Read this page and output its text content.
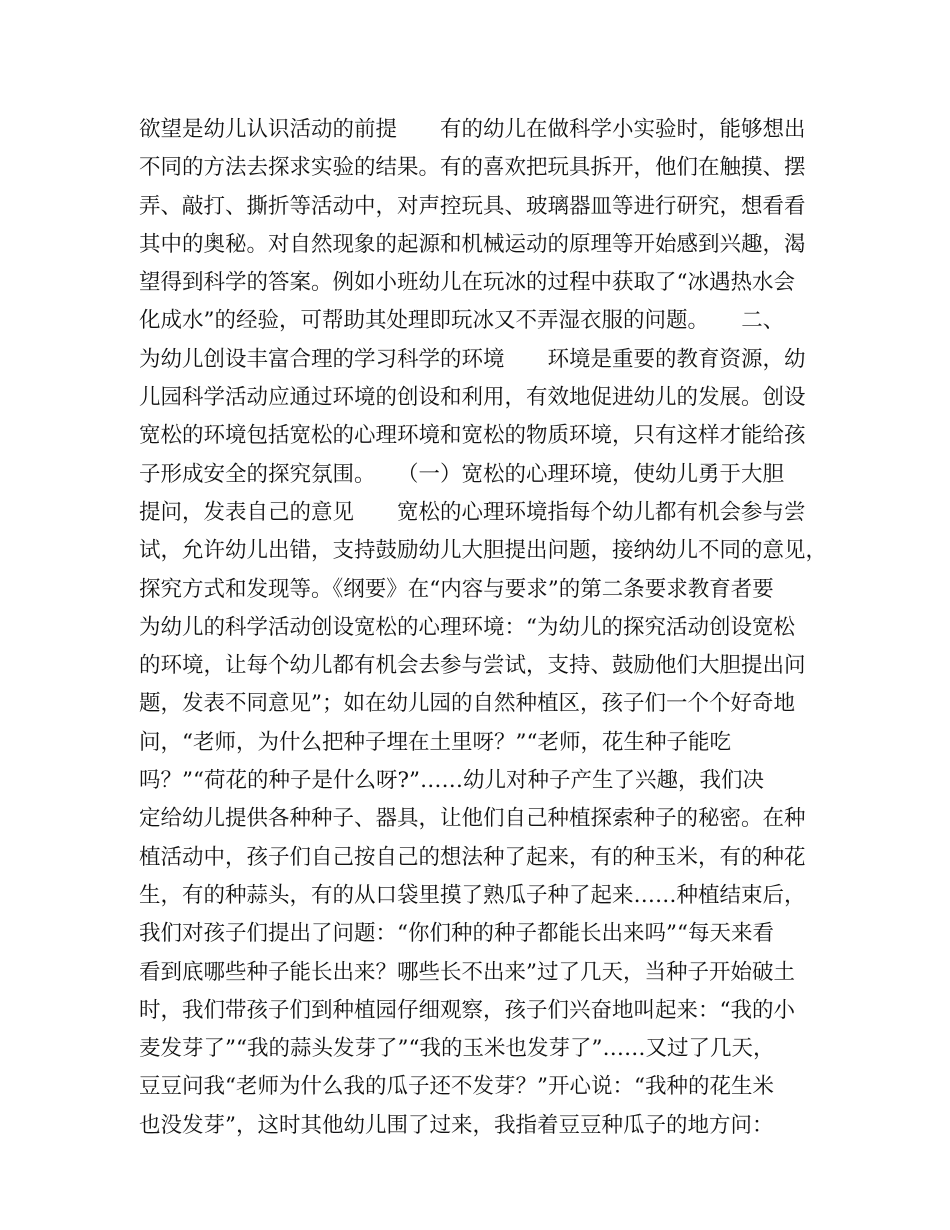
欲望是幼儿认识活动的前提　　有的幼儿在做科学小实验时，能够想出
不同的方法去探求实验的结果。有的喜欢把玩具拆开，他们在触摸、摆
弄、敲打、撕折等活动中，对声控玩具、玻璃器皿等进行研究，想看看
其中的奥秘。对自然现象的起源和机械运动的原理等开始感到兴趣，渴
望得到科学的答案。例如小班幼儿在玩冰的过程中获取了“冰遇热水会
化成水”的经验，可帮助其处理即玩冰又不弄湿衣服的问题。　　二、
为幼儿创设丰富合理的学习科学的环境　　环境是重要的教育资源，幼
儿园科学活动应通过环境的创设和利用，有效地促进幼儿的发展。创设
宽松的环境包括宽松的心理环境和宽松的物质环境，只有这样才能给孩
子形成安全的探究氛围。　　（一）宽松的心理环境，使幼儿勇于大胆
提问，发表自己的意见　　宽松的心理环境指每个幼儿都有机会参与尝
试，允许幼儿出错，支持鼓励幼儿大胆提出问题，接纳幼儿不同的意见，
探究方式和发现等。《纲要》在“内容与要求”的第二条要求教育者要
为幼儿的科学活动创设宽松的心理环境：“为幼儿的探究活动创设宽松
的环境，让每个幼儿都有机会去参与尝试，支持、鼓励他们大胆提出问
题，发表不同意见”；如在幼儿园的自然种植区，孩子们一个个好奇地
问，“老师，为什么把种子埋在土里呀？”“老师，花生种子能吃
吗？”“荷花的种子是什么呀?”……幼儿对种子产生了兴趣，我们决
定给幼儿提供各种种子、器具，让他们自己种植探索种子的秘密。在种
植活动中，孩子们自己按自己的想法种了起来，有的种玉米，有的种花
生，有的种蒜头，有的从口袋里摸了熟瓜子种了起来……种植结束后，
我们对孩子们提出了问题：“你们种的种子都能长出来吗”“每天来看
看到底哪些种子能长出来？哪些长不出来”过了几天，当种子开始破土
时，我们带孩子们到种植园仔细观察，孩子们兴奋地叫起来：“我的小
麦发芽了”“我的蒜头发芽了”“我的玉米也发芽了”……又过了几天，
豆豆问我“老师为什么我的瓜子还不发芽？”开心说：“我种的花生米
也没发芽”，这时其他幼儿围了过来，我指着豆豆种瓜子的地方问：
